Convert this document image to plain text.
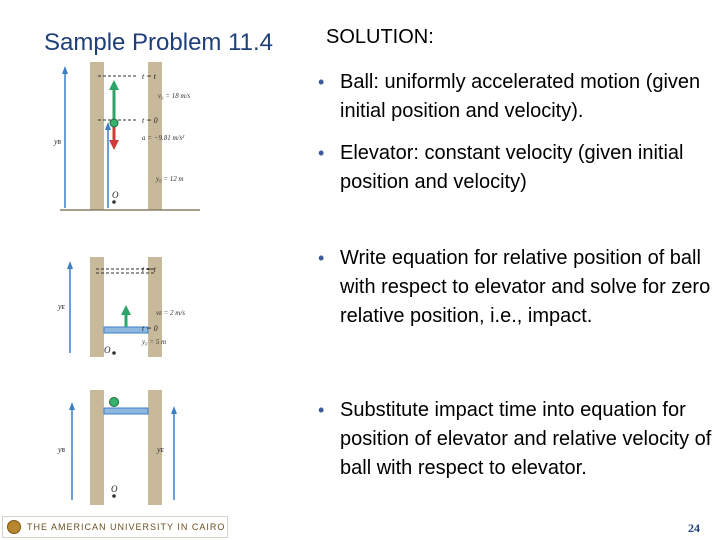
Sample Problem 11.4	SOLUTION:
• Ball: uniformly accelerated motion (given initial position and velocity).
• Elevator: constant velocity (given initial position and velocity)
• Write equation for relative position of ball with respect to elevator and solve for zero relative position, i.e., impact.
• Substitute impact time into equation for position of elevator and relative velocity of ball with respect to elevator.
t = t
v₀ = 18 m/s
t = 0
a = −9.81 m/s²
yʙ
y₀ = 12 m
O
t = t
yᴇ
vᴇ = 2 m/s
t = 0
y₀ = 5 m
O
yʙ	yᴇ
O
THE AMERICAN UNIVERSITY IN CAIRO	24
